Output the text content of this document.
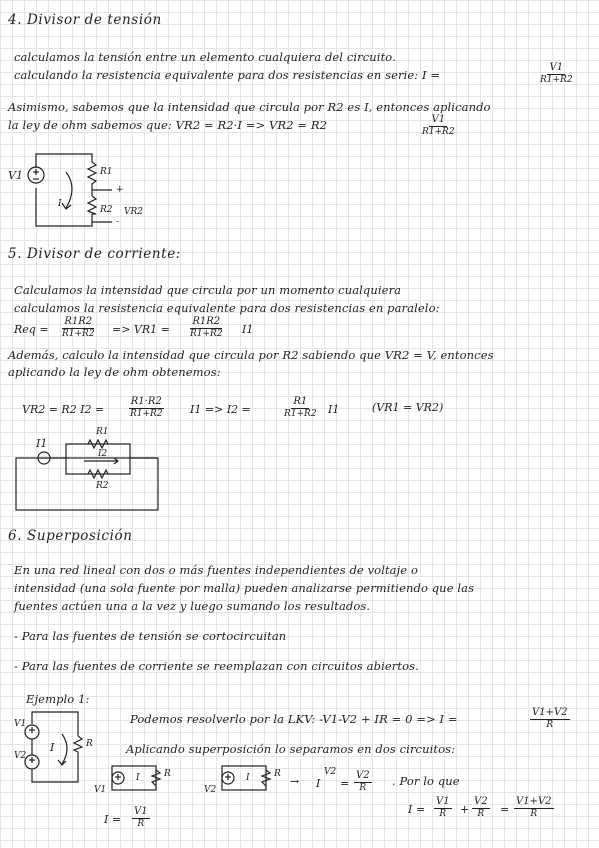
4. Divisor de tensión
calculamos la tensión entre un elemento cualquiera del circuito.
calculando la resistencia equivalente para dos resistencias en serie: I =	$\frac{V1}{R1+R2}$
Asimismo, sabemos que la intensidad que circula por R2 es I, entonces aplicando
la ley de ohm sabemos que: VR2 = R2·I => VR2 = R2	$\frac{V1}{R1+R2}$
V1	R1
R2 VR2
I
+
-
5. Divisor de corriente:
Calculamos la intensidad que circula por un momento cualquiera
calculamos la resistencia equivalente para dos resistencias en paralelo:
Req = $\frac{R1R2}{R1+R2} => VR1 = \frac{R1R2}{R1+R2} I1$
Además, calculo la intensidad que circula por R2 sabiendo que VR2 = V, entonces
aplicando la ley de ohm obtenemos:
VR2 = R2 $I2 = \frac{R1\cdot R2}{R1+R2} I1 => I2$ =	$\frac{R1}{R1+R2} I1$	(VR1 = VR2)
I1
R1
I2
R2
6. Superposición
En una red lineal con dos o más fuentes independientes de voltaje o
intensidad (una sola fuente por malla) pueden analizarse permitiendo que las
fuentes actúen una a la vez y luego sumando los resultados.
- Para las fuentes de tensión se cortocircuitan
- Para las fuentes de corriente se reemplazan con circuitos abiertos.
Ejemplo 1:
Podemos resolverlo por la LKV: -V1-V2 + IR = 0 => I =	$\frac{V1+V2}{R}$
Aplicando superposición lo separamos en dos circuitos:
V1
V2
I	R
V1
I	R
$I = \frac{V1}{R}$
V2
I	R
→ I
V2
= $\frac{V2}{R}$ . Por lo que
$I = \frac{V1}{R} + \frac{V2}{R} = \frac{V1+V2}{R}$
